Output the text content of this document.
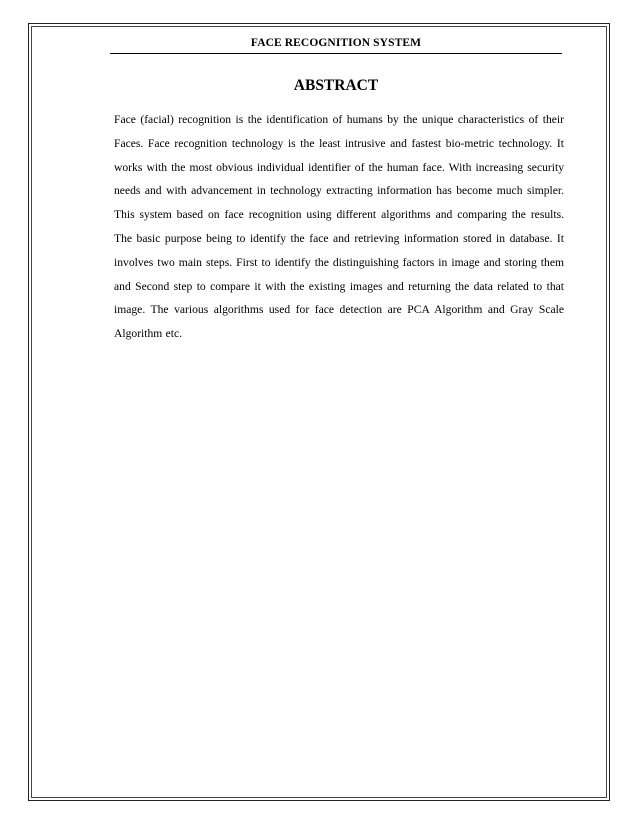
FACE RECOGNITION SYSTEM
ABSTRACT
Face (facial) recognition is the identification of humans by the unique characteristics of their Faces. Face recognition technology is the least intrusive and fastest bio-metric technology. It works with the most obvious individual identifier of the human face. With increasing security needs and with advancement in technology extracting information has become much simpler. This system based on face recognition using different algorithms and comparing the results. The basic purpose being to identify the face and retrieving information stored in database. It involves two main steps. First to identify the distinguishing factors in image and storing them and Second step to compare it with the existing images and returning the data related to that image. The various algorithms used for face detection are PCA Algorithm and Gray Scale Algorithm etc.
